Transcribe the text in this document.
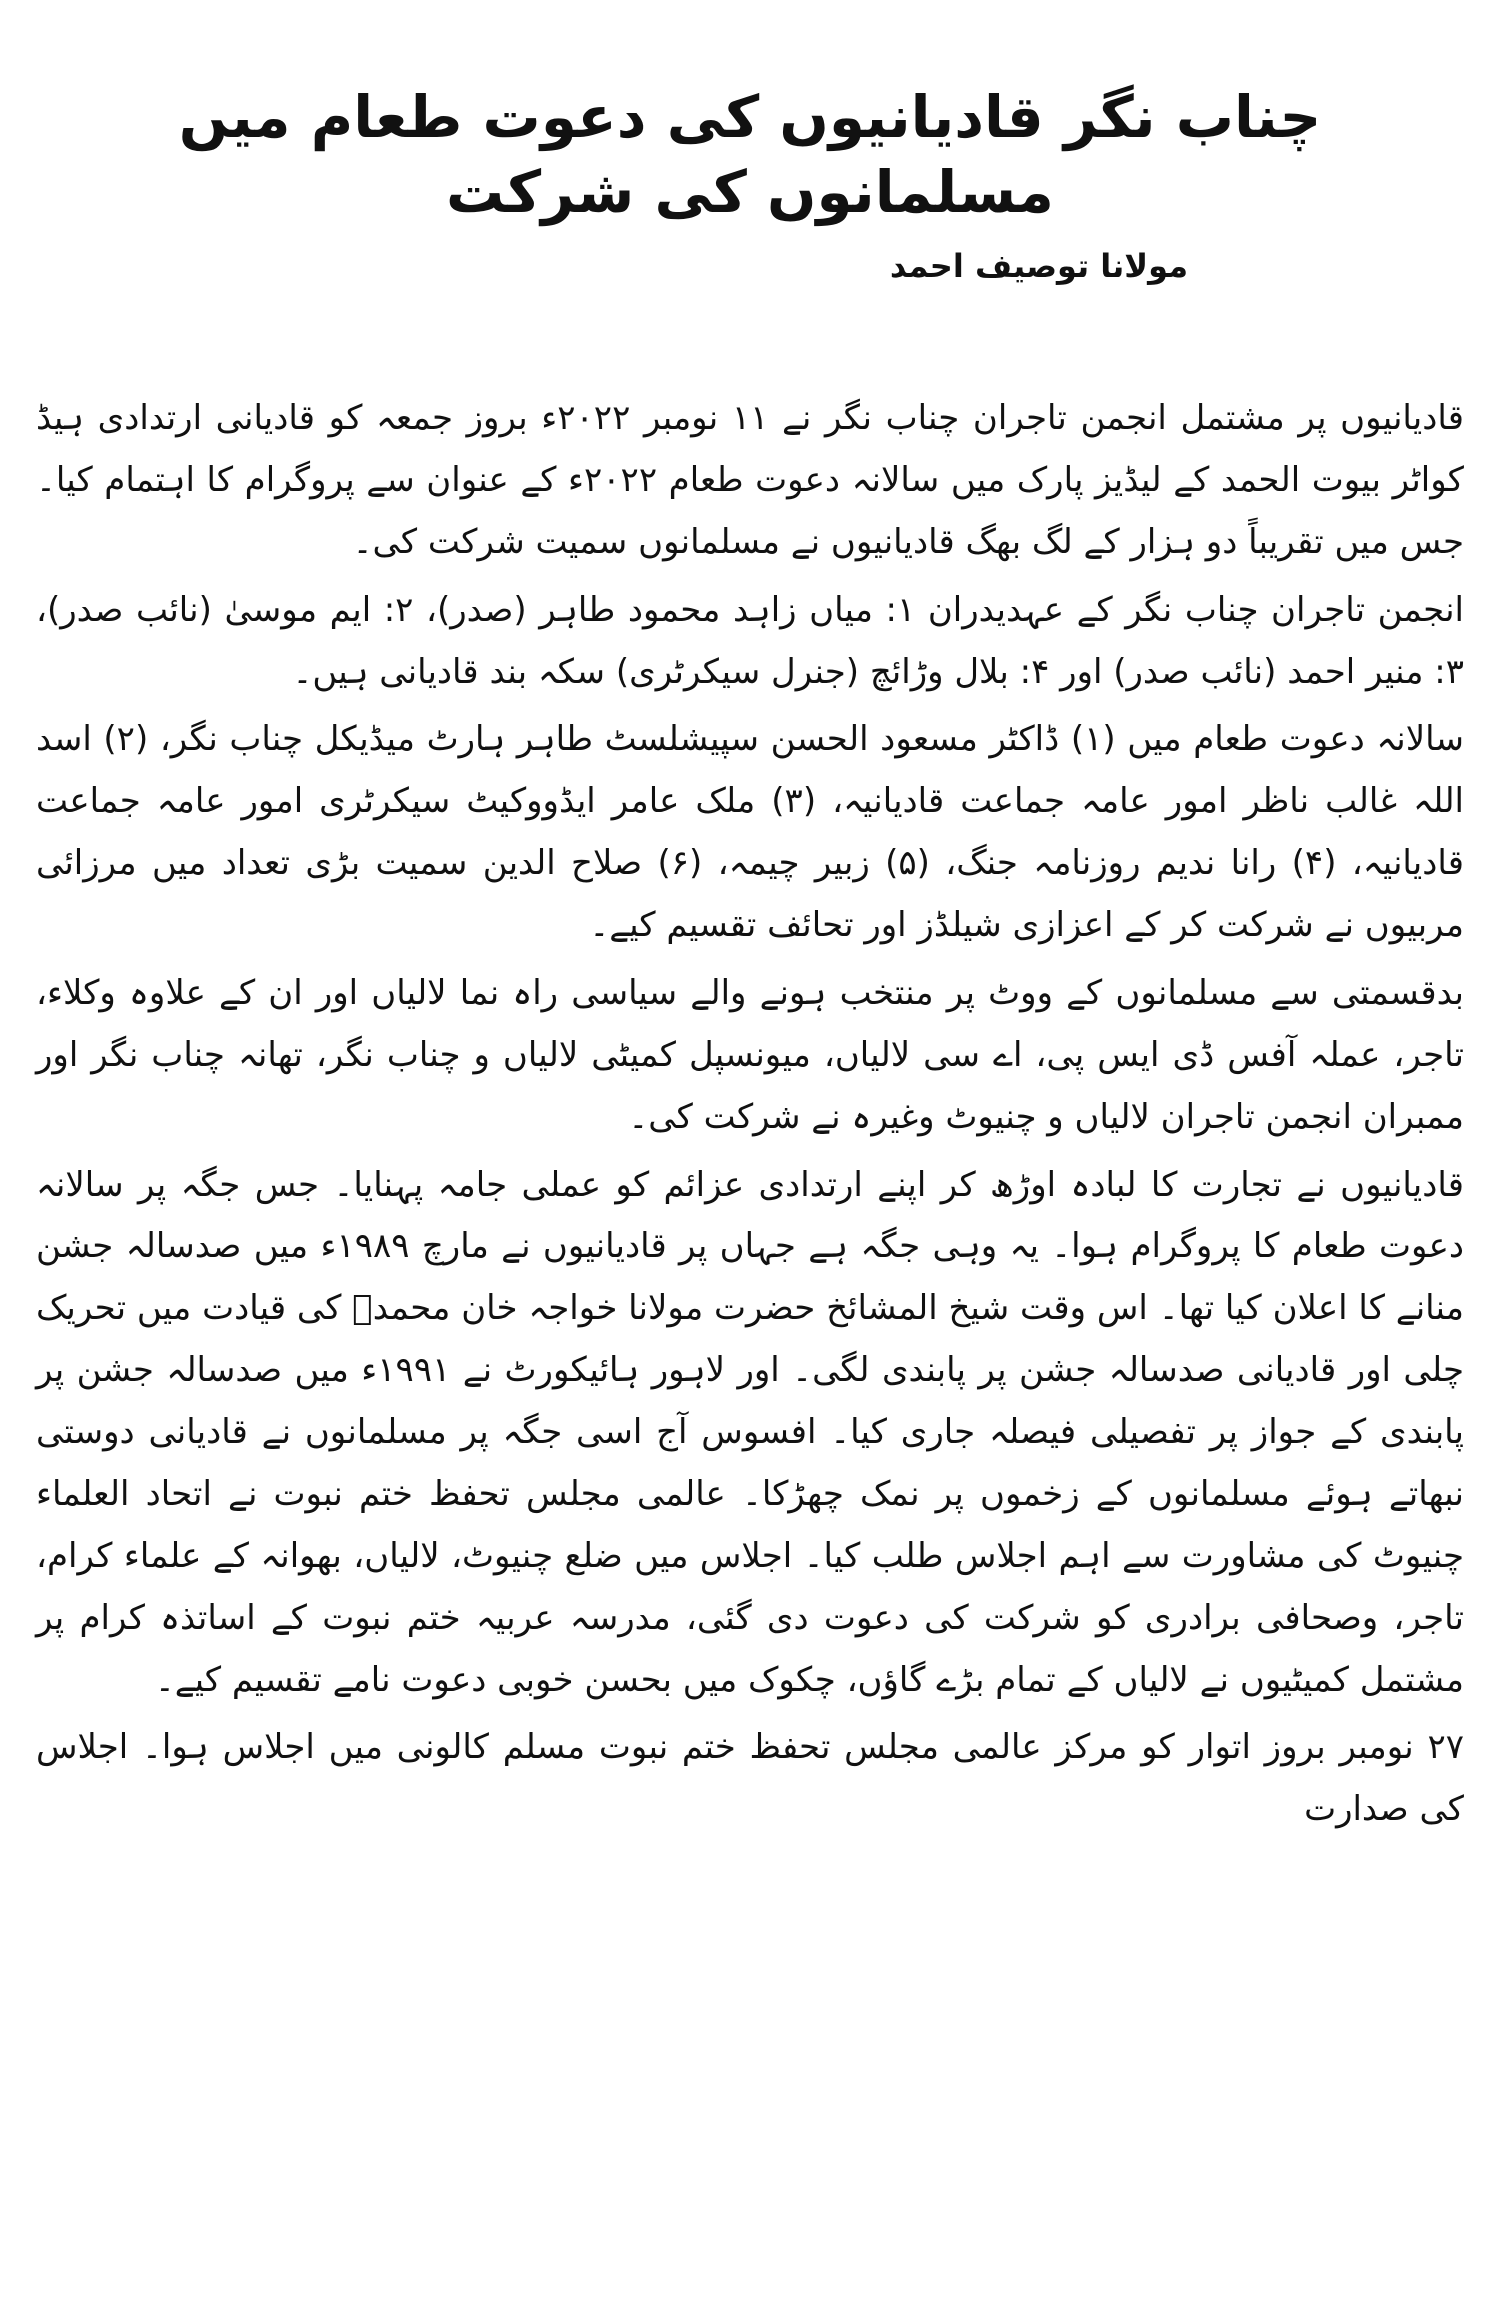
چناب نگر قادیانیوں کی دعوت طعام میں مسلمانوں کی شرکت
مولانا توصیف احمد

قادیانیوں پر مشتمل انجمن تاجران چناب نگر نے ۱۱ نومبر ۲۰۲۲ء بروز جمعہ کو قادیانی ارتدادی ہیڈ کواٹر بیوت الحمد کے لیڈیز پارک میں سالانہ دعوت طعام ۲۰۲۲ء کے عنوان سے پروگرام کا اہتمام کیا۔ جس میں تقریباً دو ہزار کے لگ بھگ قادیانیوں نے مسلمانوں سمیت شرکت کی۔

انجمن تاجران چناب نگر کے عہدیدران ۱: میاں زاہد محمود طاہر (صدر)، ۲: ایم موسیٰ (نائب صدر)، ۳: منیر احمد (نائب صدر) اور ۴: بلال وڑائچ (جنرل سیکرٹری) سکہ بند قادیانی ہیں۔

سالانہ دعوت طعام میں (۱) ڈاکٹر مسعود الحسن سپیشلسٹ طاہر ہارٹ میڈیکل چناب نگر، (۲) اسد اللہ غالب ناظر امور عامہ جماعت قادیانیہ، (۳) ملک عامر ایڈووکیٹ سیکرٹری امور عامہ جماعت قادیانیہ، (۴) رانا ندیم روزنامہ جنگ، (۵) زبیر چیمہ، (۶) صلاح الدین سمیت بڑی تعداد میں مرزائی مربیوں نے شرکت کر کے اعزازی شیلڈز اور تحائف تقسیم کیے۔

بدقسمتی سے مسلمانوں کے ووٹ پر منتخب ہونے والے سیاسی راہ نما لالیاں اور ان کے علاوہ وکلاء، تاجر، عملہ آفس ڈی ایس پی، اے سی لالیاں، میونسپل کمیٹی لالیاں و چناب نگر، تھانہ چناب نگر اور ممبران انجمن تاجران لالیاں و چنیوٹ وغیرہ نے شرکت کی۔

قادیانیوں نے تجارت کا لبادہ اوڑھ کر اپنے ارتدادی عزائم کو عملی جامہ پہنایا۔ جس جگہ پر سالانہ دعوت طعام کا پروگرام ہوا۔ یہ وہی جگہ ہے جہاں پر قادیانیوں نے مارچ ۱۹۸۹ء میں صدسالہ جشن منانے کا اعلان کیا تھا۔ اس وقت شیخ المشائخ حضرت مولانا خواجہ خان محمدؒ کی قیادت میں تحریک چلی اور قادیانی صدسالہ جشن پر پابندی لگی۔ اور لاہور ہائیکورٹ نے ۱۹۹۱ء میں صدسالہ جشن پر پابندی کے جواز پر تفصیلی فیصلہ جاری کیا۔ افسوس آج اسی جگہ پر مسلمانوں نے قادیانی دوستی نبھاتے ہوئے مسلمانوں کے زخموں پر نمک چھڑکا۔ عالمی مجلس تحفظ ختم نبوت نے اتحاد العلماء چنیوٹ کی مشاورت سے اہم اجلاس طلب کیا۔ اجلاس میں ضلع چنیوٹ، لالیاں، بھوانہ کے علماء کرام، تاجر، وصحافی برادری کو شرکت کی دعوت دی گئی، مدرسہ عربیہ ختم نبوت کے اساتذہ کرام پر مشتمل کمیٹیوں نے لالیاں کے تمام بڑے گاؤں، چکوک میں بحسن خوبی دعوت نامے تقسیم کیے۔

۲۷ نومبر بروز اتوار کو مرکز عالمی مجلس تحفظ ختم نبوت مسلم کالونی میں اجلاس ہوا۔ اجلاس کی صدارت
